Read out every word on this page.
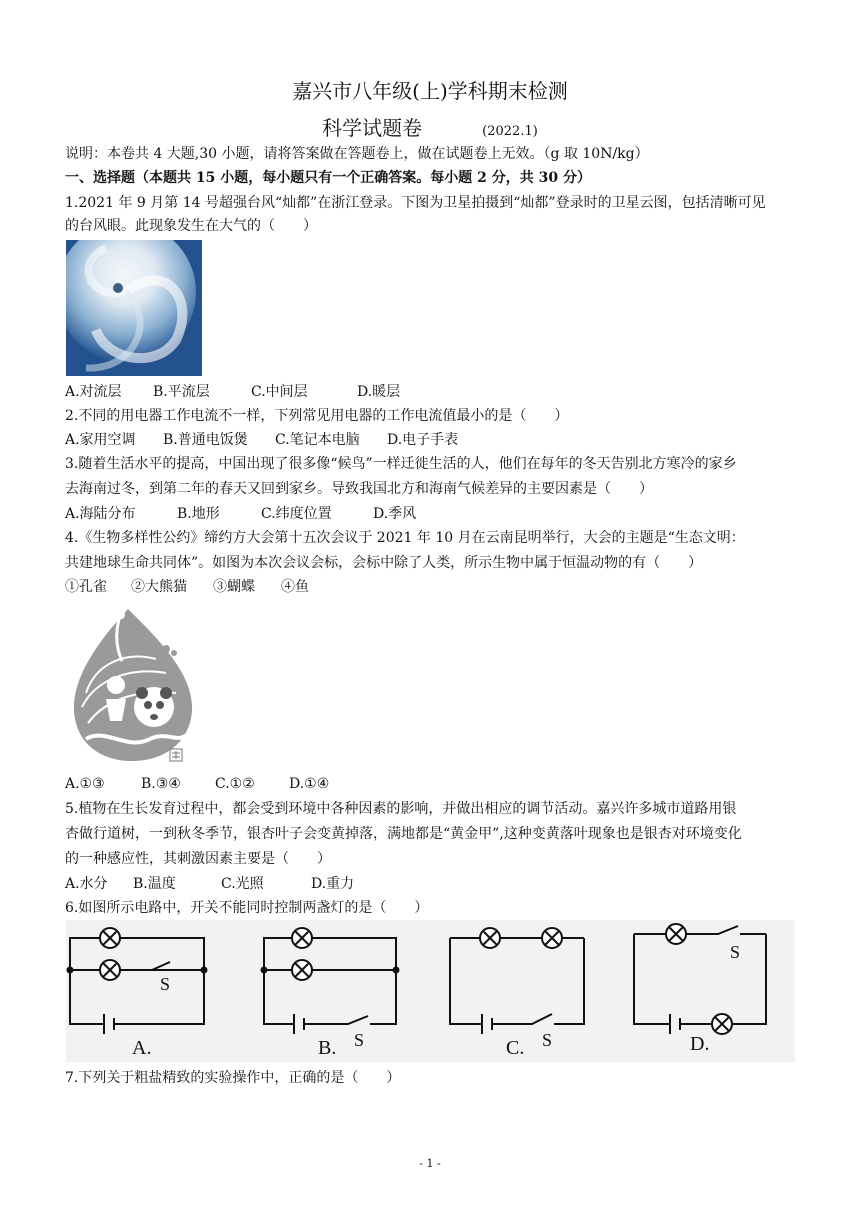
嘉兴市八年级(上)学科期末检测
科学试题卷	(2022.1)
说明：本卷共 4 大题,30 小题，请将答案做在答题卷上，做在试题卷上无效。（g 取 10N/kg）
一、选择题（本题共 15 小题，每小题只有一个正确答案。每小题 2 分，共 30 分）
1.2021 年 9 月第 14 号超强台风“灿都”在浙江登录。下图为卫星拍摄到“灿都”登录时的卫星云图，包括清晰可见
的台风眼。此现象发生在大气的（　　）
A.对流层 B.平流层	C.中间层	D.暖层
2.不同的用电器工作电流不一样，下列常见用电器的工作电流值最小的是（　　）
A.家用空调 B.普通电饭煲 C.笔记本电脑 D.电子手表
3.随着生活水平的提高，中国出现了很多像“候鸟”一样迁徙生活的人，他们在每年的冬天告别北方寒冷的家乡
去海南过冬，到第二年的春天又回到家乡。导致我国北方和海南气候差异的主要因素是（　　）
A.海陆分布	B.地形	C.纬度位置	D.季风
4.《生物多样性公约》缔约方大会第十五次会议于 2021 年 10 月在云南昆明举行，大会的主题是“生态文明：
共建地球生命共同体”。如图为本次会议会标，会标中除了人类，所示生物中属于恒温动物的有（　　）
①孔雀 ②大熊猫 ③蝴蝶 ④鱼
A.①③	B.③④ C.①② D.①④
5.植物在生长发育过程中，都会受到环境中各种因素的影响，并做出相应的调节活动。嘉兴许多城市道路用银
杏做行道树，一到秋冬季节，银杏叶子会变黄掉落，满地都是“黄金甲”,这种变黄落叶现象也是银杏对环境变化
的一种感应性，其刺激因素主要是（　　）
A.水分 B.温度	C.光照	D.重力
6.如图所示电路中，开关不能同时控制两盏灯的是（　　）
S
S	S
S
A.	B.	C.	D.
7.下列关于粗盐精致的实验操作中，正确的是（　　）
- 1 -
